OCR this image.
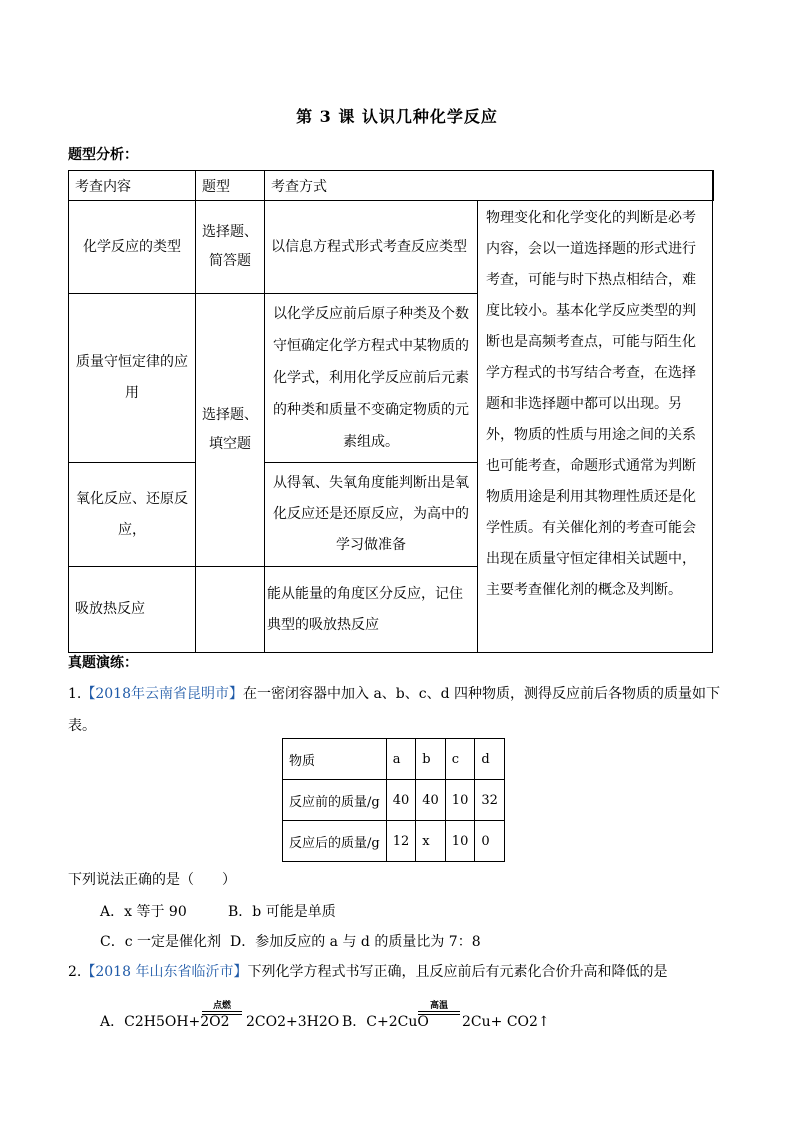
第 3 课 认识几种化学反应
题型分析：
考查内容	题型	考查方式		

化学反应的类型	选择题、简答题	以信息方程式形式考查反应类型	物理变化和化学变化的判断是必考内容，会以一道选择题的形式进行考查，可能与时下热点相结合，难度比较小。基本化学反应类型的判断也是高频考查点，可能与陌生化学方程式的书写结合考查，在选择题和非选择题中都可以出现。另外，物质的性质与用途之间的关系也可能考查，命题形式通常为判断物质用途是利用其物理性质还是化学性质。有关催化剂的考查可能会出现在质量守恒定律相关试题中，主要考查催化剂的概念及判断。	

质量守恒定律的应用	选择题、填空题	以化学反应前后原子种类及个数守恒确定化学方程式中某物质的化学式，利用化学反应前后元素的种类和质量不变确定物质的元素组成。		

氧化反应、还原反应，		从得氧、失氧角度能判断出是氧化反应还是还原反应，为高中的学习做准备		

吸放热反应		能从能量的角度区分反应，记住典型的吸放热反应		
真题演练：
1.【2018年云南省昆明市】在一密闭容器中加入 a、b、c、d 四种物质，测得反应前后各物质的质量如下表。
物质	a	b	c	d
反应前的质量/g	40	40	10	32
反应后的质量/g	12	x	10	0
下列说法正确的是（　　）
A．x 等于 90	B．b 可能是单质
C．c 一定是催化剂 D．参加反应的 a 与 d 的质量比为 7：8
2.【2018 年山东省临沂市】下列化学方程式书写正确，且反应前后有元素化合价升高和降低的是
A．C2H5OH+2O2
点燃
2CO2+3H2O B．C+2CuO
高温
2Cu+ CO2↑
